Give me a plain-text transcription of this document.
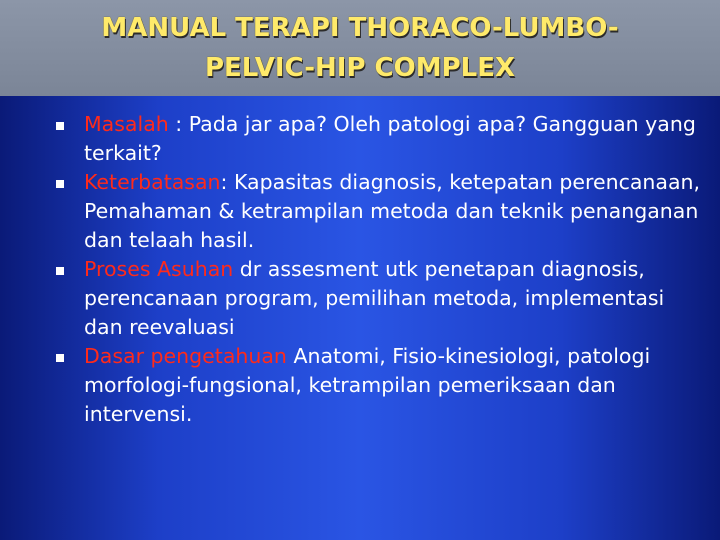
MANUAL TERAPI THORACO-LUMBO-
PELVIC-HIP COMPLEX
Masalah : Pada jar apa? Oleh patologi apa? Gangguan yang terkait?
Keterbatasan: Kapasitas diagnosis, ketepatan perencanaan, Pemahaman & ketrampilan metoda dan teknik penanganan dan telaah hasil.
Proses Asuhan dr assesment utk penetapan diagnosis, perencanaan program, pemilihan metoda, implementasi dan reevaluasi
Dasar pengetahuan Anatomi, Fisio-kinesiologi, patologi morfologi-fungsional, ketrampilan pemeriksaan dan intervensi.
